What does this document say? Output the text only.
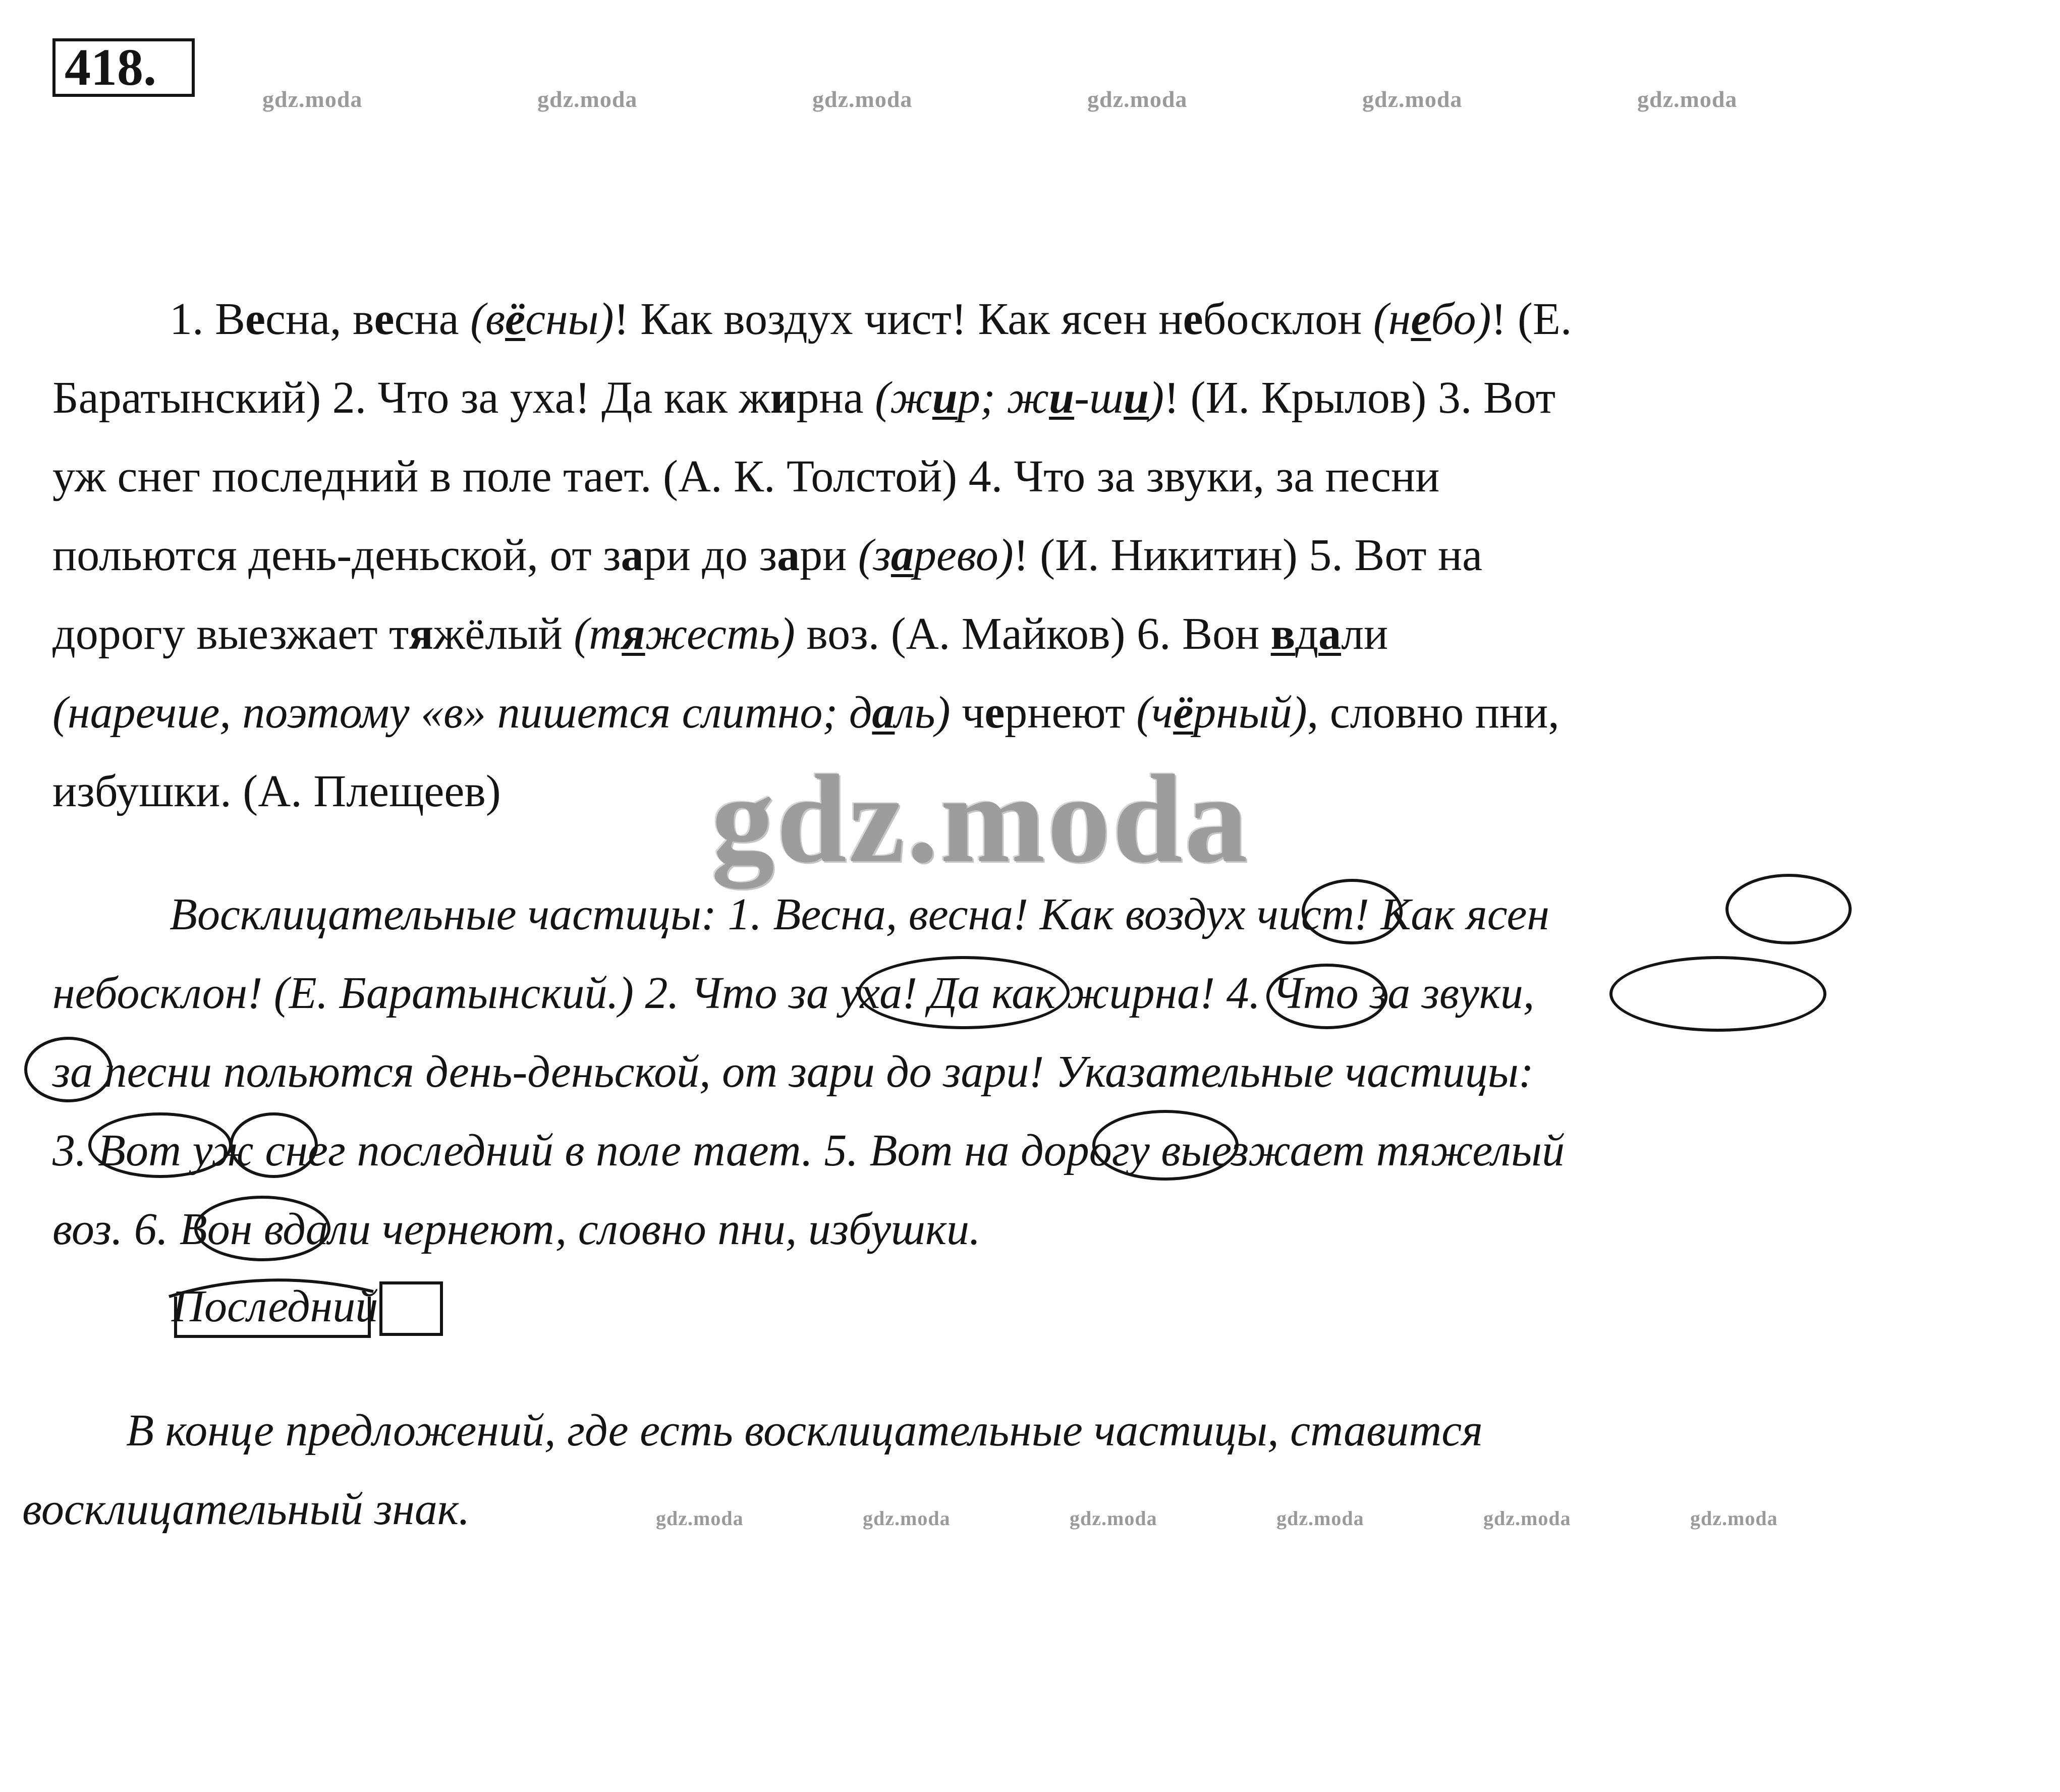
418.
gdz.moda	gdz.moda	gdz.moda	gdz.moda	gdz.moda	gdz.moda
1. Весна, весна (вёсны)! Как воздух чист! Как ясен небосклон (небо)! (Е.
Баратынский) 2. Что за уха! Да как жирна (жир; жи-ши)! (И. Крылов) 3. Вот
уж снег последний в поле тает. (А. К. Толстой) 4. Что за звуки, за песни
польются день-деньской, от зари до зари (зарево)! (И. Никитин) 5. Вот на
дорогу выезжает тяжёлый (тяжесть) воз. (А. Майков) 6. Вон вдали
(наречие, поэтому «в» пишется слитно; даль) чернеют (чёрный), словно пни,
избушки. (А. Плещеев) gdz.moda
Восклицательные частицы: 1. Весна, весна! Как воздух чист! Как ясен
небосклон! (Е. Баратынский.) 2. Что за уха! Да как жирна! 4. Что за звуки,
за песни польются день-деньской, от зари до зари! Указательные частицы:
3. Вот уж снег последний в поле тает. 5. Вот на дорогу выезжает тяжелый
воз. 6. Вон вдали чернеют, словно пни, избушки.
Последний
В конце предложений, где есть восклицательные частицы, ставится
восклицательный знак.	gdz.moda	gdz.moda	gdz.moda	gdz.moda	gdz.moda	gdz.moda
